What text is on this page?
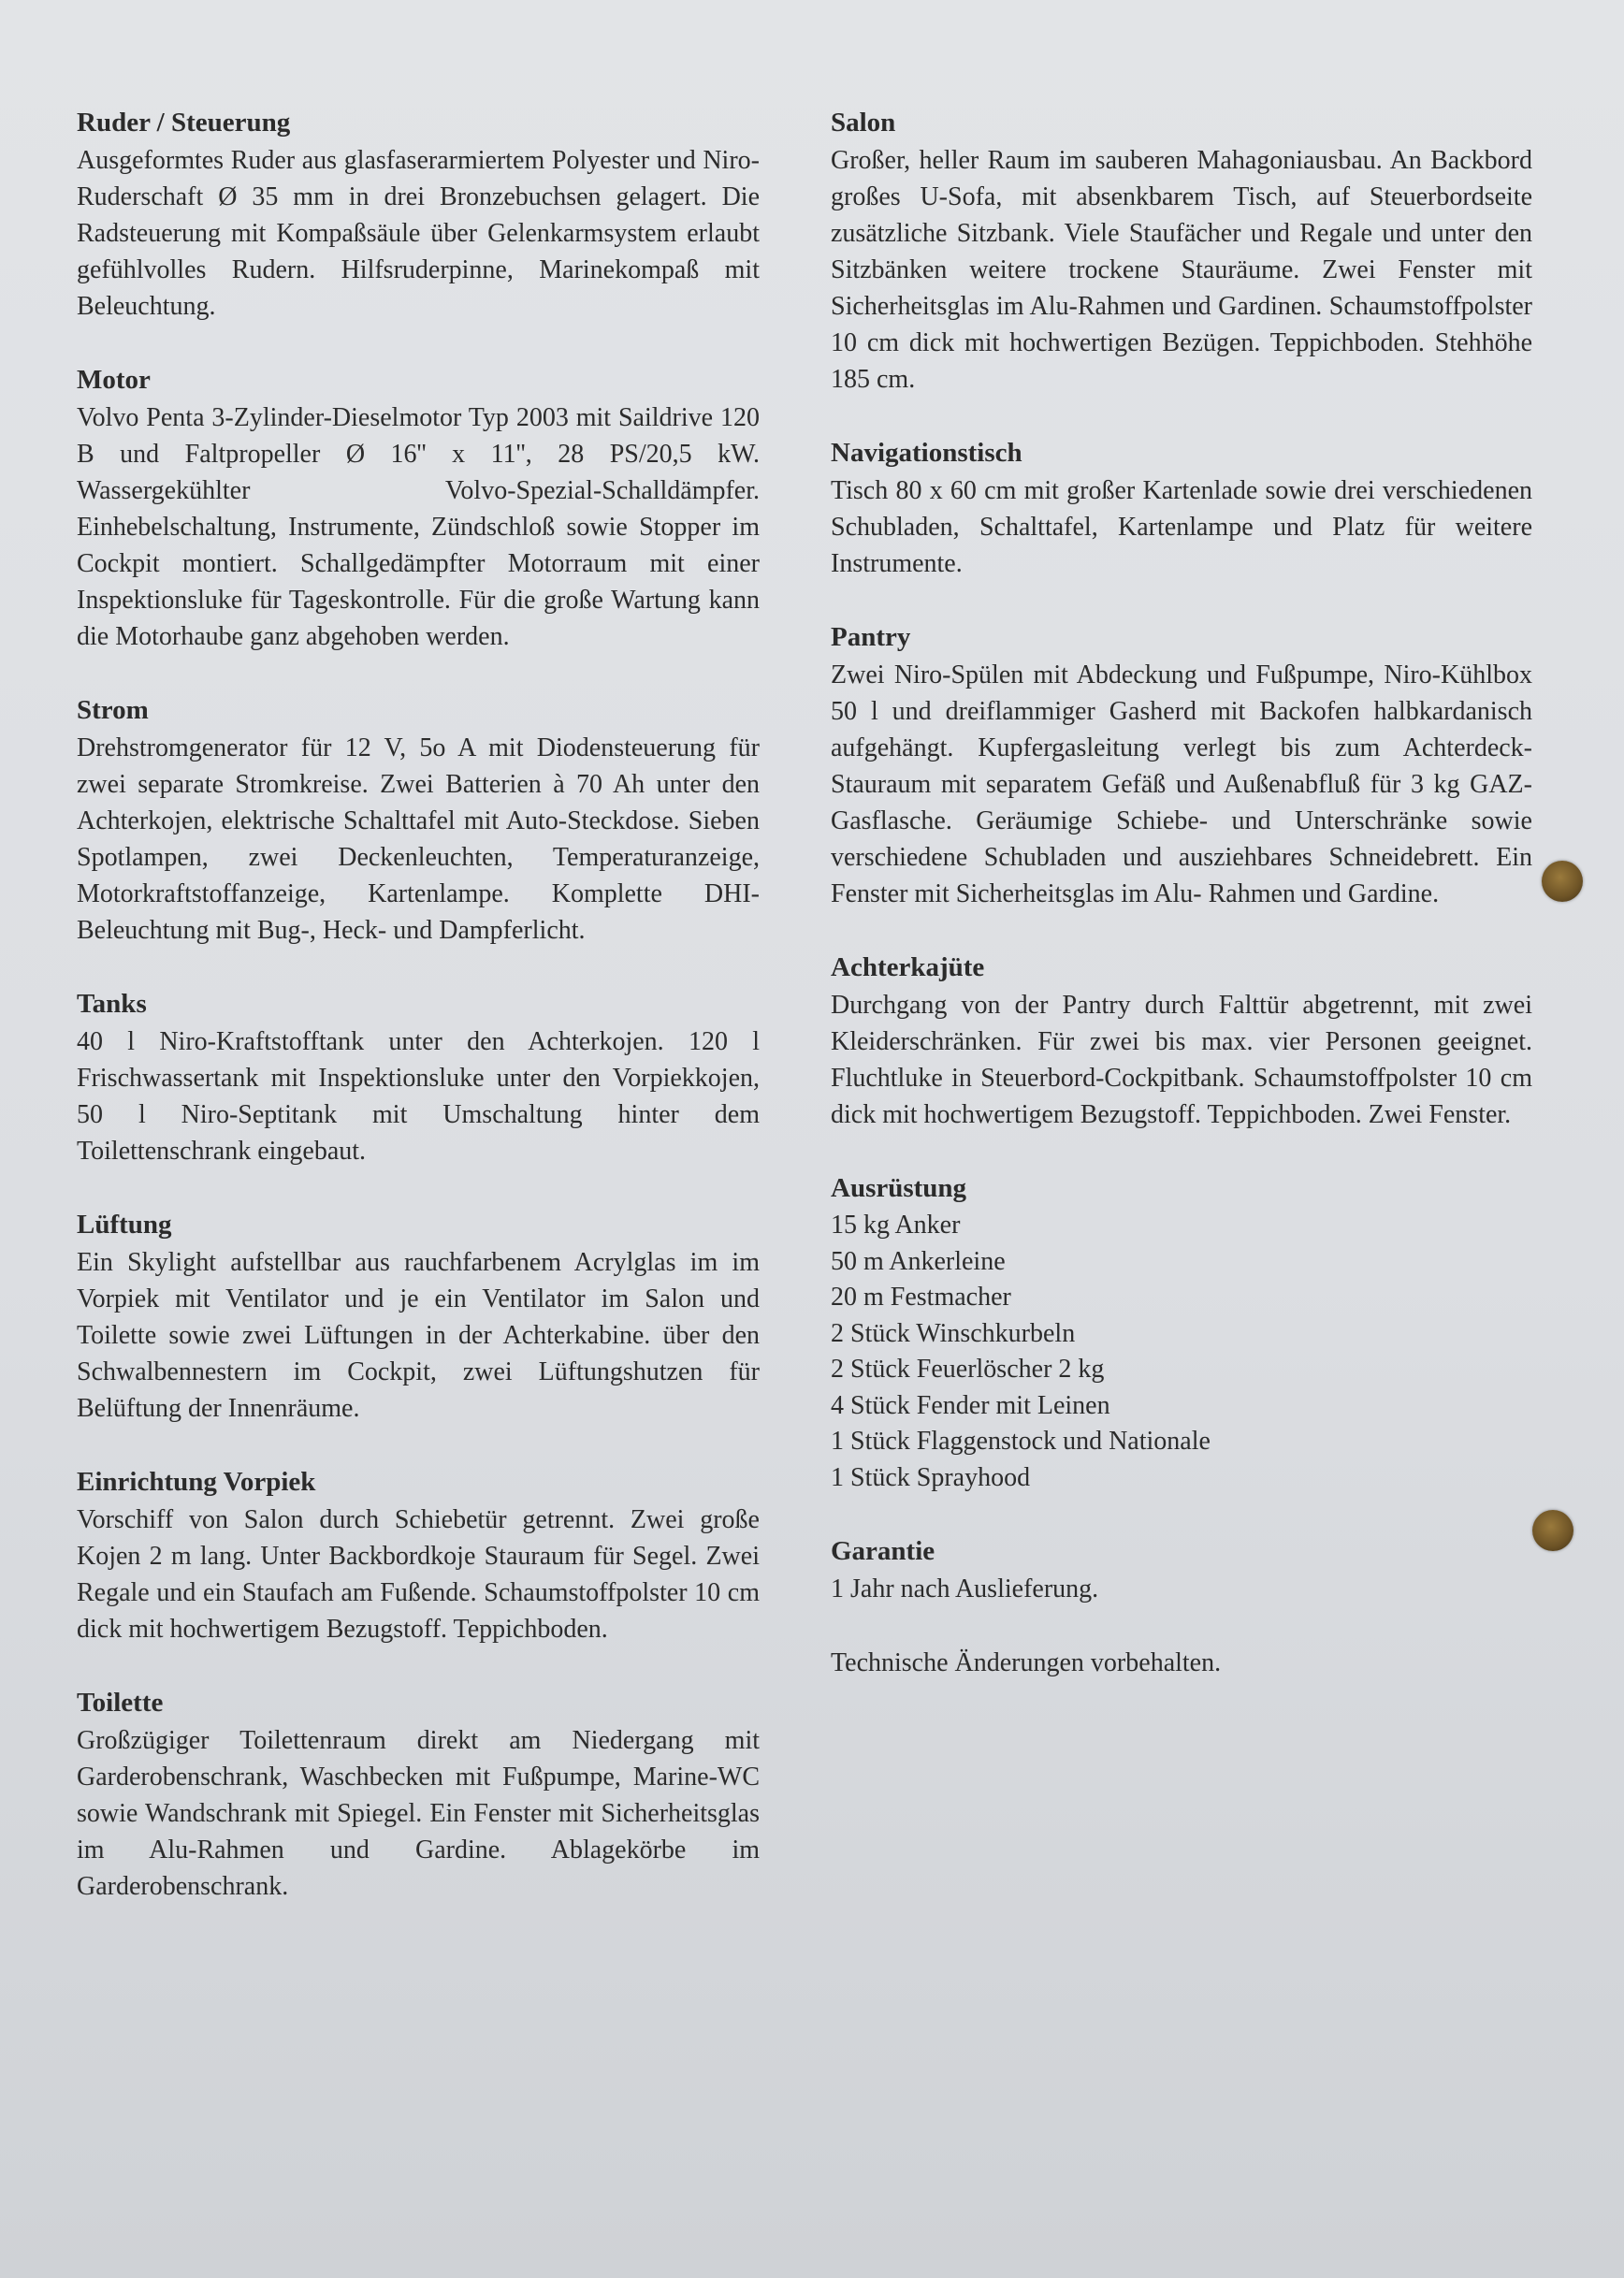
Ruder / Steuerung

Ausgeformtes Ruder aus glasfaserarmiertem Polyester und Niro-Ruderschaft Ø 35 mm in drei Bronzebuchsen gelagert. Die Radsteuerung mit Kompaßsäule über Gelenkarmsystem erlaubt gefühlvolles Rudern. Hilfsruderpinne, Marinekompaß mit Beleuchtung.

Motor

Volvo Penta 3-Zylinder-Dieselmotor Typ 2003 mit Saildrive 120 B und Faltpropeller Ø 16'' x 11'', 28 PS/20,5 kW. Wassergekühlter Volvo-Spezial-Schalldämpfer. Einhebelschaltung, Instrumente, Zündschloß sowie Stopper im Cockpit montiert. Schallgedämpfter Motorraum mit einer Inspektionsluke für Tageskontrolle. Für die große Wartung kann die Motorhaube ganz abgehoben werden.

Strom

Drehstromgenerator für 12 V, 5o A mit Diodensteuerung für zwei separate Stromkreise. Zwei Batterien à 70 Ah unter den Achterkojen, elektrische Schalttafel mit Auto-Steckdose. Sieben Spotlampen, zwei Deckenleuchten, Temperaturanzeige, Motorkraftstoffanzeige, Kartenlampe. Komplette DHI-Beleuchtung mit Bug-, Heck- und Dampferlicht.

Tanks

40 l Niro-Kraftstofftank unter den Achterkojen. 120 l Frischwassertank mit Inspektionsluke unter den Vorpiekkojen, 50 l Niro-Septitank mit Umschaltung hinter dem Toilettenschrank eingebaut.

Lüftung

Ein Skylight aufstellbar aus rauchfarbenem Acrylglas im im Vorpiek mit Ventilator und je ein Ventilator im Salon und Toilette sowie zwei Lüftungen in der Achterkabine. über den Schwalbennestern im Cockpit, zwei Lüftungshutzen für Belüftung der Innenräume.

Einrichtung Vorpiek

Vorschiff von Salon durch Schiebetür getrennt. Zwei große Kojen 2 m lang. Unter Backbordkoje Stauraum für Segel. Zwei Regale und ein Staufach am Fußende. Schaumstoffpolster 10 cm dick mit hochwertigem Bezugstoff. Teppichboden.

Toilette

Großzügiger Toilettenraum direkt am Niedergang mit Garderobenschrank, Waschbecken mit Fußpumpe, Marine-WC sowie Wandschrank mit Spiegel. Ein Fenster mit Sicherheitsglas im Alu-Rahmen und Gardine. Ablagekörbe im Garderobenschrank.

Salon

Großer, heller Raum im sauberen Mahagoniausbau. An Backbord großes U-Sofa, mit absenkbarem Tisch, auf Steuerbordseite zusätzliche Sitzbank. Viele Staufächer und Regale und unter den Sitzbänken weitere trockene Stauräume. Zwei Fenster mit Sicherheitsglas im Alu-Rahmen und Gardinen. Schaumstoffpolster 10 cm dick mit hochwertigen Bezügen. Teppichboden. Stehhöhe 185 cm.

Navigationstisch

Tisch 80 x 60 cm mit großer Kartenlade sowie drei verschiedenen Schubladen, Schalttafel, Kartenlampe und Platz für weitere Instrumente.

Pantry

Zwei Niro-Spülen mit Abdeckung und Fußpumpe, Niro-Kühlbox 50 l und dreiflammiger Gasherd mit Backofen halbkardanisch aufgehängt. Kupfergasleitung verlegt bis zum Achterdeck-Stauraum mit separatem Gefäß und Außenabfluß für 3 kg GAZ-Gasflasche. Geräumige Schiebe- und Unterschränke sowie verschiedene Schubladen und ausziehbares Schneidebrett. Ein Fenster mit Sicherheitsglas im Alu- Rahmen und Gardine.

Achterkajüte

Durchgang von der Pantry durch Falttür abgetrennt, mit zwei Kleiderschränken. Für zwei bis max. vier Personen geeignet. Fluchtluke in Steuerbord-Cockpitbank. Schaumstoffpolster 10 cm dick mit hochwertigem Bezugstoff. Teppichboden. Zwei Fenster.

Ausrüstung
15 kg Anker
50 m Ankerleine
20 m Festmacher
2 Stück Winschkurbeln
2 Stück Feuerlöscher 2 kg
4 Stück Fender mit Leinen
1 Stück Flaggenstock und Nationale
1 Stück Sprayhood
Garantie

1 Jahr nach Auslieferung.

Technische Änderungen vorbehalten.
